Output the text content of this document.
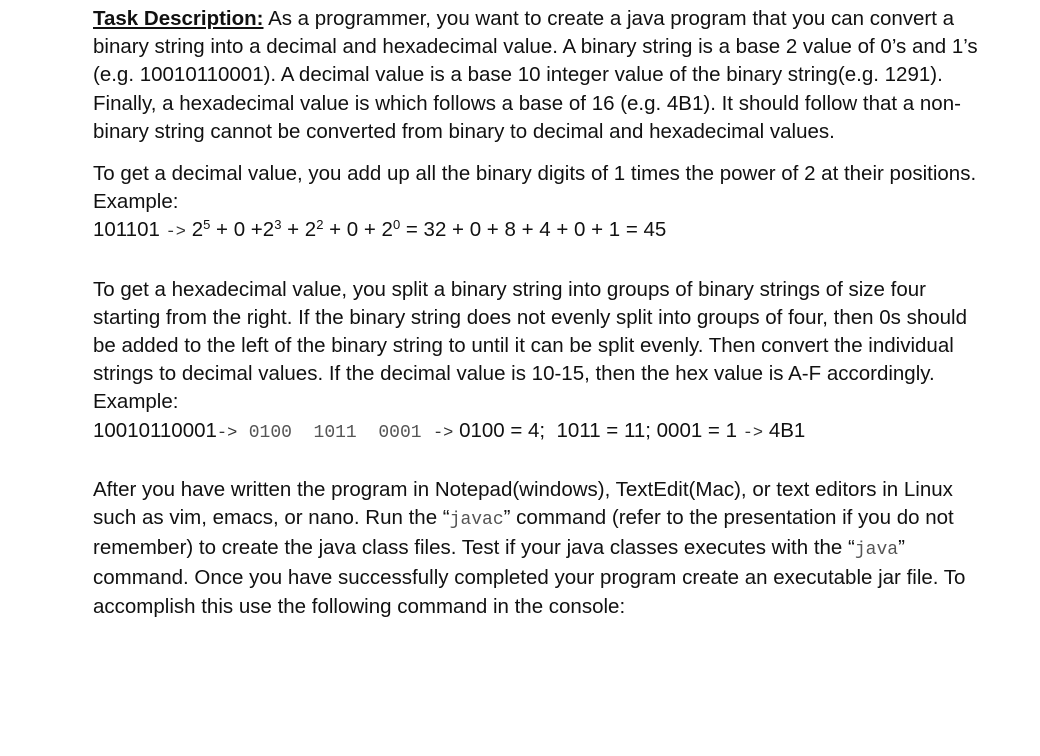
Task Description: As a programmer, you want to create a java program that you can convert a binary string into a decimal and hexadecimal value. A binary string is a base 2 value of 0’s and 1’s (e.g. 10010110001). A decimal value is a base 10 integer value of the binary string(e.g. 1291). Finally, a hexadecimal value is which follows a base of 16 (e.g. 4B1). It should follow that a non-binary string cannot be converted from binary to decimal and hexadecimal values.

To get a decimal value, you add up all the binary digits of 1 times the power of 2 at their positions.

Example:

$101101 -> 2^5 + 0 +2^3 + 2^2 + 0 + 2^0 = 32 + 0 + 8 + 4 + 0 + 1 = 45$

To get a hexadecimal value, you split a binary string into groups of binary strings of size four starting from the right. If the binary string does not evenly split into groups of four, then 0s should be added to the left of the binary string to until it can be split evenly. Then convert the individual strings to decimal values. If the decimal value is 10-15, then the hex value is A-F accordingly.

Example:

10010110001-> 0100  1011  0001 -> 0100 = 4;  1011 = 11; 0001 = 1 -> 4B1

After you have written the program in Notepad(windows), TextEdit(Mac), or text editors in Linux such as vim, emacs, or nano. Run the “javac” command (refer to the presentation if you do not remember) to create the java class files. Test if your java classes executes with the “java” command. Once you have successfully completed your program create an executable jar file. To accomplish this use the following command in the console:
